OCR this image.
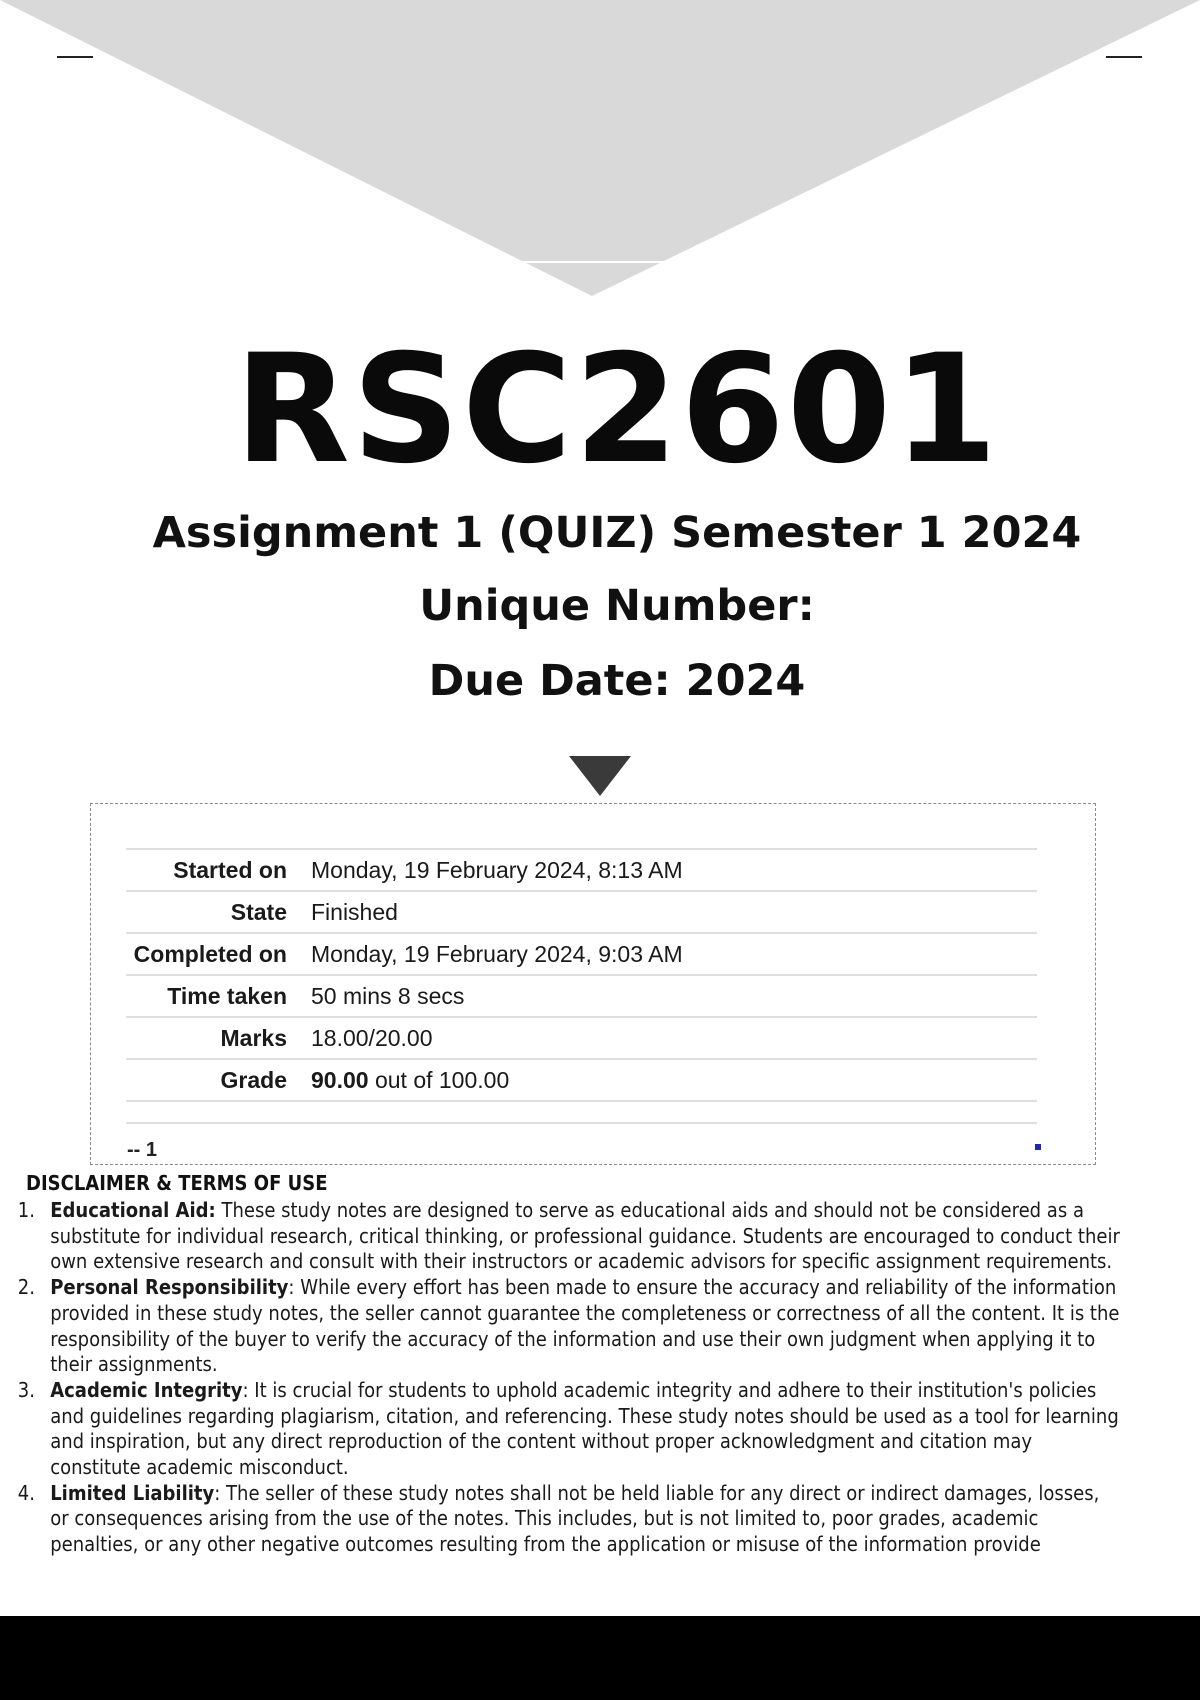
RSC2601
Assignment 1 (QUIZ) Semester 1 2024
Unique Number:
Due Date: 2024
Started on	Monday, 19 February 2024, 8:13 AM
State	Finished
Completed on	Monday, 19 February 2024, 9:03 AM
Time taken	50 mins 8 secs
Marks	18.00/20.00
Grade	90.00 out of 100.00
-- 1
DISCLAIMER & TERMS OF USE
1. Educational Aid: These study notes are designed to serve as educational aids and should not be considered as a substitute for individual research, critical thinking, or professional guidance. Students are encouraged to conduct their own extensive research and consult with their instructors or academic advisors for specific assignment requirements.
2. Personal Responsibility: While every effort has been made to ensure the accuracy and reliability of the information provided in these study notes, the seller cannot guarantee the completeness or correctness of all the content. It is the responsibility of the buyer to verify the accuracy of the information and use their own judgment when applying it to their assignments.
3. Academic Integrity: It is crucial for students to uphold academic integrity and adhere to their institution's policies and guidelines regarding plagiarism, citation, and referencing. These study notes should be used as a tool for learning and inspiration, but any direct reproduction of the content without proper acknowledgment and citation may constitute academic misconduct.
4. Limited Liability: The seller of these study notes shall not be held liable for any direct or indirect damages, losses, or consequences arising from the use of the notes. This includes, but is not limited to, poor grades, academic penalties, or any other negative outcomes resulting from the application or misuse of the information provide
